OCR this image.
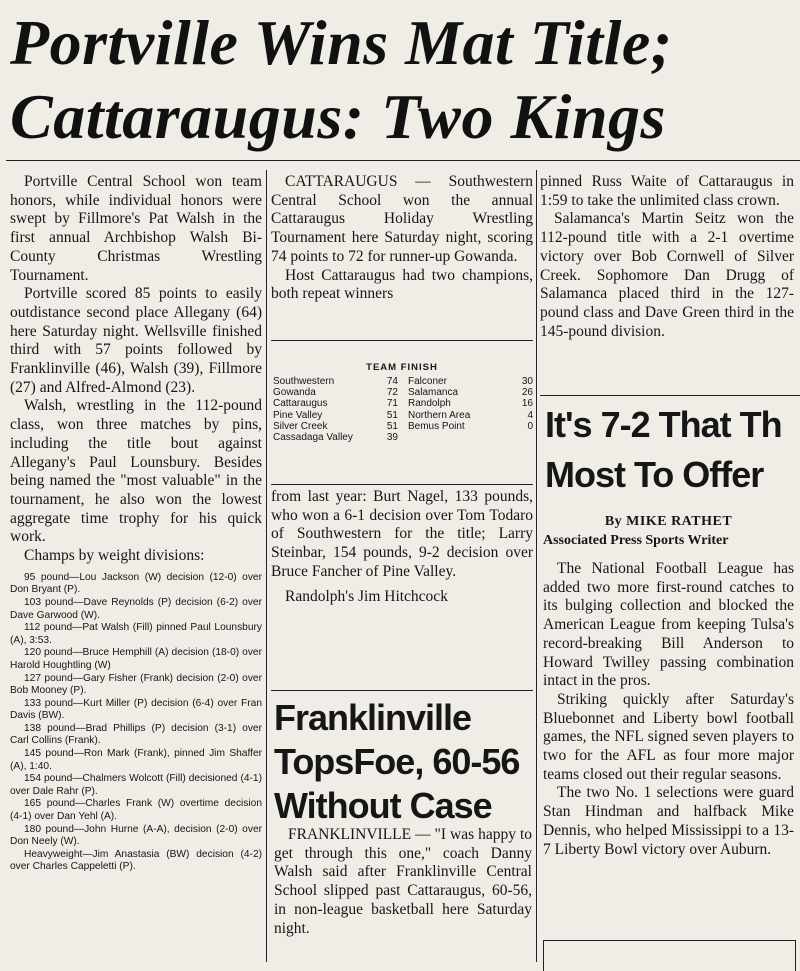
Portville Wins Mat Title;
Cattaraugus: Two Kings

Portville Central School won team honors, while individual honors were swept by Fillmore's Pat Walsh in the first annual Archbishop Walsh Bi-County Christmas Wrestling Tournament.

Portville scored 85 points to easily outdistance second place Allegany (64) here Saturday night. Wellsville finished third with 57 points followed by Franklinville (46), Walsh (39), Fillmore (27) and Alfred-Almond (23).

Walsh, wrestling in the 112-pound class, won three matches by pins, including the title bout against Allegany's Paul Lounsbury. Besides being named the "most valuable" in the tournament, he also won the lowest aggregate time trophy for his quick work.

Champs by weight divisions:

95 pound—Lou Jackson (W) decision (12-0) over Don Bryant (P).
103 pound—Dave Reynolds (P) decision (6-2) over Dave Garwood (W).
112 pound—Pat Walsh (Fill) pinned Paul Lounsbury (A), 3:53.
120 pound—Bruce Hemphill (A) decision (18-0) over Harold Houghtling (W)
127 pound—Gary Fisher (Frank) decision (2-0) over Bob Mooney (P).
133 pound—Kurt Miller (P) decision (6-4) over Fran Davis (BW).
138 pound—Brad Phillips (P) decision (3-1) over Carl Collins (Frank).
145 pound—Ron Mark (Frank), pinned Jim Shaffer (A), 1:40.
154 pound—Chalmers Wolcott (Fill) decisioned (4-1) over Dale Rahr (P).
165 pound—Charles Frank (W) overtime decision (4-1) over Dan Yehl (A).
180 pound—John Hurne (A-A), decision (2-0) over Don Neely (W).
Heavyweight—Jim Anastasia (BW) decision (4-2) over Charles Cappeletti (P).

CATTARAUGUS — Southwestern Central School won the annual Cattaraugus Holiday Wrestling Tournament here Saturday night, scoring 74 points to 72 for runner-up Gowanda.

Host Cattaraugus had two champions, both repeat winners

TEAM FINISH
Southwestern	74
Gowanda	72
Cattaraugus	71
Pine Valley	51
Silver Creek	51
Cassadaga Valley	39
Falconer	30
Salamanca	26
Randolph	16
Northern Area	4
Bemus Point	0

from last year: Burt Nagel, 133 pounds, who won a 6-1 decision over Tom Todaro of Southwestern for the title; Larry Steinbar, 154 pounds, 9-2 decision over Bruce Fancher of Pine Valley.

Randolph's Jim Hitchcock

Franklinville
TopsFoe, 60-56
Without Case

FRANKLINVILLE — "I was happy to get through this one," coach Danny Walsh said after Franklinville Central School slipped past Cattaraugus, 60-56, in non-league basketball here Saturday night.

pinned Russ Waite of Cattaraugus in 1:59 to take the unlimited class crown.

Salamanca's Martin Seitz won the 112-pound title with a 2-1 overtime victory over Bob Cornwell of Silver Creek. Sophomore Dan Drugg of Salamanca placed third in the 127-pound class and Dave Green third in the 145-pound division.

It's 7-2 That Th
Most To Offer
By MIKE RATHET
Associated Press Sports Writer

The National Football League has added two more first-round catches to its bulging collection and blocked the American League from keeping Tulsa's record-breaking Bill Anderson to Howard Twilley passing combination intact in the pros.

Striking quickly after Saturday's Bluebonnet and Liberty bowl football games, the NFL signed seven players to two for the AFL as four more major teams closed out their regular seasons.

The two No. 1 selections were guard Stan Hindman and halfback Mike Dennis, who helped Mississippi to a 13-7 Liberty Bowl victory over Auburn.
